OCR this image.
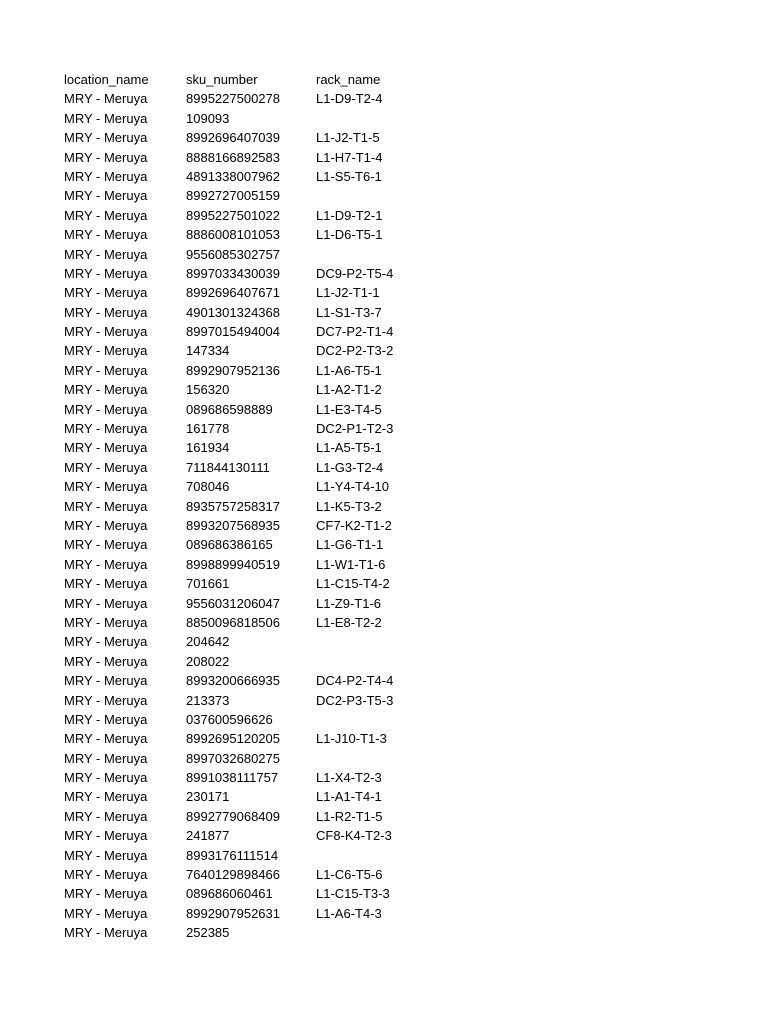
location_name	sku_number	rack_name
MRY - Meruya	8995227500278	L1-D9-T2-4
MRY - Meruya	109093
MRY - Meruya	8992696407039	L1-J2-T1-5
MRY - Meruya	8888166892583	L1-H7-T1-4
MRY - Meruya	4891338007962	L1-S5-T6-1
MRY - Meruya	8992727005159
MRY - Meruya	8995227501022	L1-D9-T2-1
MRY - Meruya	8886008101053	L1-D6-T5-1
MRY - Meruya	9556085302757
MRY - Meruya	8997033430039	DC9-P2-T5-4
MRY - Meruya	8992696407671	L1-J2-T1-1
MRY - Meruya	4901301324368	L1-S1-T3-7
MRY - Meruya	8997015494004	DC7-P2-T1-4
MRY - Meruya	147334	DC2-P2-T3-2
MRY - Meruya	8992907952136	L1-A6-T5-1
MRY - Meruya	156320	L1-A2-T1-2
MRY - Meruya	089686598889	L1-E3-T4-5
MRY - Meruya	161778	DC2-P1-T2-3
MRY - Meruya	161934	L1-A5-T5-1
MRY - Meruya	711844130111	L1-G3-T2-4
MRY - Meruya	708046	L1-Y4-T4-10
MRY - Meruya	8935757258317	L1-K5-T3-2
MRY - Meruya	8993207568935	CF7-K2-T1-2
MRY - Meruya	089686386165	L1-G6-T1-1
MRY - Meruya	8998899940519	L1-W1-T1-6
MRY - Meruya	701661	L1-C15-T4-2
MRY - Meruya	9556031206047	L1-Z9-T1-6
MRY - Meruya	8850096818506	L1-E8-T2-2
MRY - Meruya	204642
MRY - Meruya	208022
MRY - Meruya	8993200666935	DC4-P2-T4-4
MRY - Meruya	213373	DC2-P3-T5-3
MRY - Meruya	037600596626
MRY - Meruya	8992695120205	L1-J10-T1-3
MRY - Meruya	8997032680275
MRY - Meruya	8991038111757	L1-X4-T2-3
MRY - Meruya	230171	L1-A1-T4-1
MRY - Meruya	8992779068409	L1-R2-T1-5
MRY - Meruya	241877	CF8-K4-T2-3
MRY - Meruya	8993176111514
MRY - Meruya	7640129898466	L1-C6-T5-6
MRY - Meruya	089686060461	L1-C15-T3-3
MRY - Meruya	8992907952631	L1-A6-T4-3
MRY - Meruya	252385
